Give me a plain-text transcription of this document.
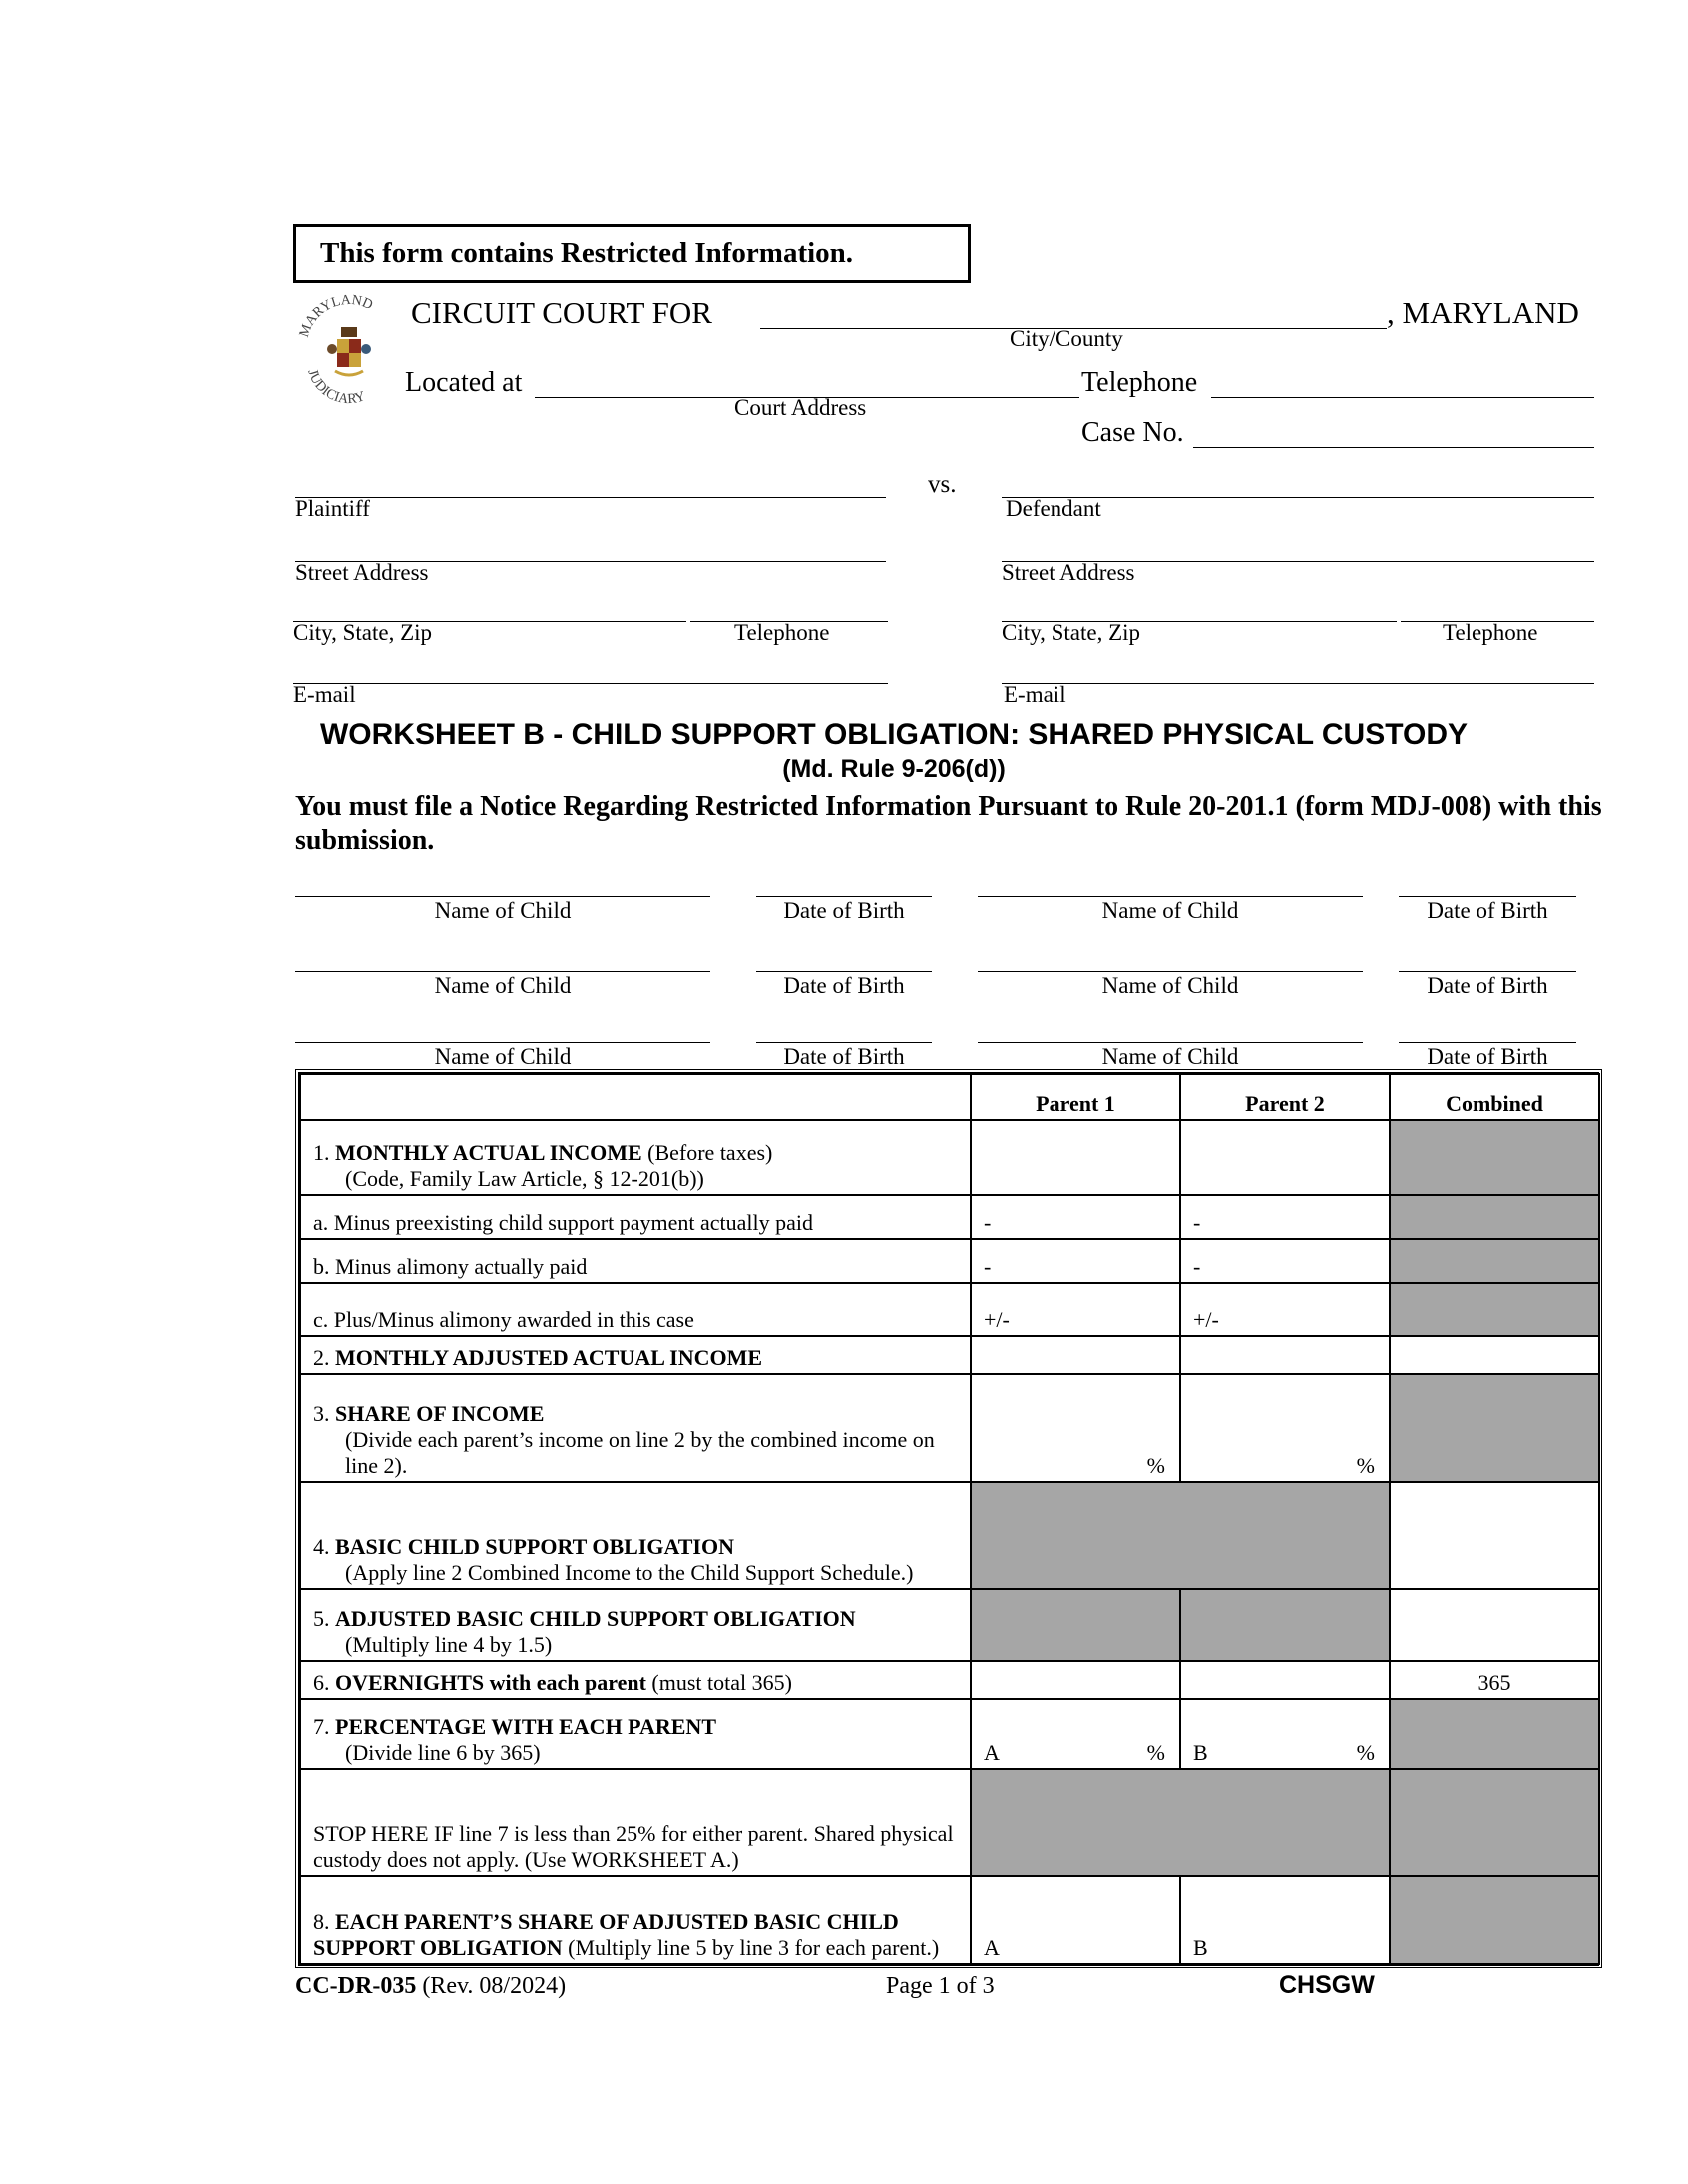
This form contains Restricted Information.
MARYLAND
JUDICIARY
CIRCUIT COURT FOR	, MARYLAND
City/County
Located at
Court Address
Telephone
Case No.
vs.
Plaintiff	Defendant
Street Address	Street Address
City, State, Zip	Telephone	City, State, Zip	Telephone
E-mail	E-mail
WORKSHEET B - CHILD SUPPORT OBLIGATION: SHARED PHYSICAL CUSTODY
(Md. Rule 9-206(d))
You must file a Notice Regarding Restricted Information Pursuant to Rule 20-201.1 (form MDJ-008) with this submission.
Name of Child	Date of Birth	Name of Child	Date of Birth
Name of Child	Date of Birth	Name of Child	Date of Birth
Name of Child	Date of Birth	Name of Child	Date of Birth
	Parent 1	Parent 2	Combined
1. MONTHLY ACTUAL INCOME (Before taxes)
(Code, Family Law Article, § 12-201(b))			

a. Minus preexisting child support payment actually paid	-	-	

b. Minus alimony actually paid	-	-	

c. Plus/Minus alimony awarded in this case	+/-	+/-	

2. MONTHLY ADJUSTED ACTUAL INCOME			
3. SHARE OF INCOME
(Divide each parent’s income on line 2 by the combined income on line 2).	%	%	

4. BASIC CHILD SUPPORT OBLIGATION
(Apply line 2 Combined Income to the Child Support Schedule.)			

5. ADJUSTED BASIC CHILD SUPPORT OBLIGATION
(Multiply line 4 by 1.5)			

6. OVERNIGHTS with each parent (must total 365)			365
7. PERCENTAGE WITH EACH PARENT
(Divide line 6 by 365)	A %	B %	

STOP HERE IF line 7 is less than 25% for either parent. Shared physical custody does not apply. (Use WORKSHEET A.)			
8. EACH PARENT’S SHARE OF ADJUSTED BASIC CHILD SUPPORT OBLIGATION (Multiply line 5 by line 3 for each parent.)	A	B	

CC-DR-035 (Rev. 08/2024)	Page 1 of 3	CHSGW
